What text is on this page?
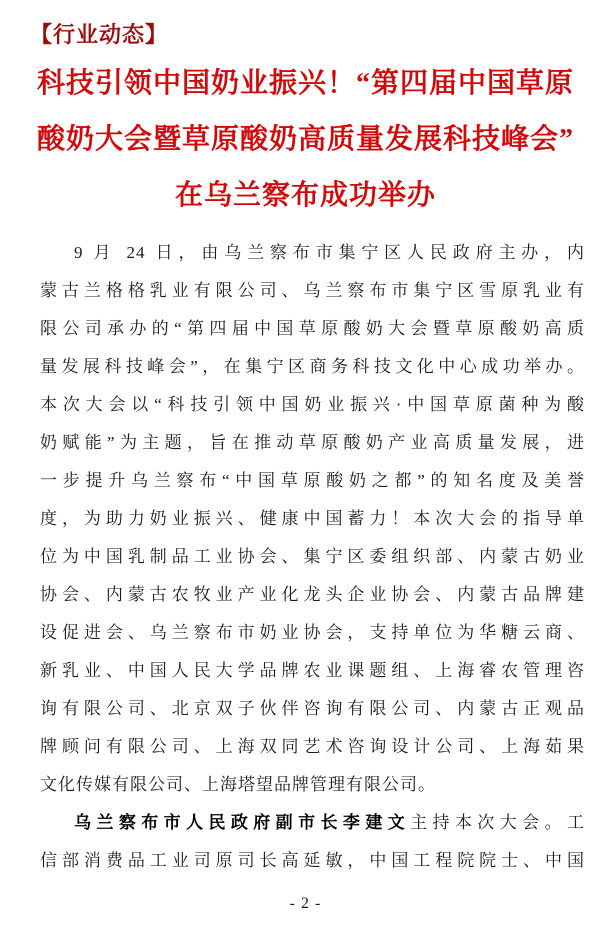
【行业动态】
科技引领中国奶业振兴！“第四届中国草原
酸奶大会暨草原酸奶高质量发展科技峰会”
在乌兰察布成功举办
9 月 24 日，由乌兰察布市集宁区人民政府主办，内
蒙古兰格格乳业有限公司、乌兰察布市集宁区雪原乳业有
限公司承办的“第四届中国草原酸奶大会暨草原酸奶高质
量发展科技峰会”，在集宁区商务科技文化中心成功举办。
本次大会以“科技引领中国奶业振兴·中国草原菌种为酸
奶赋能”为主题，旨在推动草原酸奶产业高质量发展，进
一步提升乌兰察布“中国草原酸奶之都”的知名度及美誉
度，为助力奶业振兴、健康中国蓄力！本次大会的指导单
位为中国乳制品工业协会、集宁区委组织部、内蒙古奶业
协会、内蒙古农牧业产业化龙头企业协会、内蒙古品牌建
设促进会、乌兰察布市奶业协会，支持单位为华糖云商、
新乳业、中国人民大学品牌农业课题组、上海睿农管理咨
询有限公司、北京双子伙伴咨询有限公司、内蒙古正观品
牌顾问有限公司、上海双同艺术咨询设计公司、上海茹果
文化传媒有限公司、上海塔望品牌管理有限公司。
乌兰察布市人民政府副市长李建文主持本次大会。工
信部消费品工业司原司长高延敏，中国工程院院士、中国
- 2 -
